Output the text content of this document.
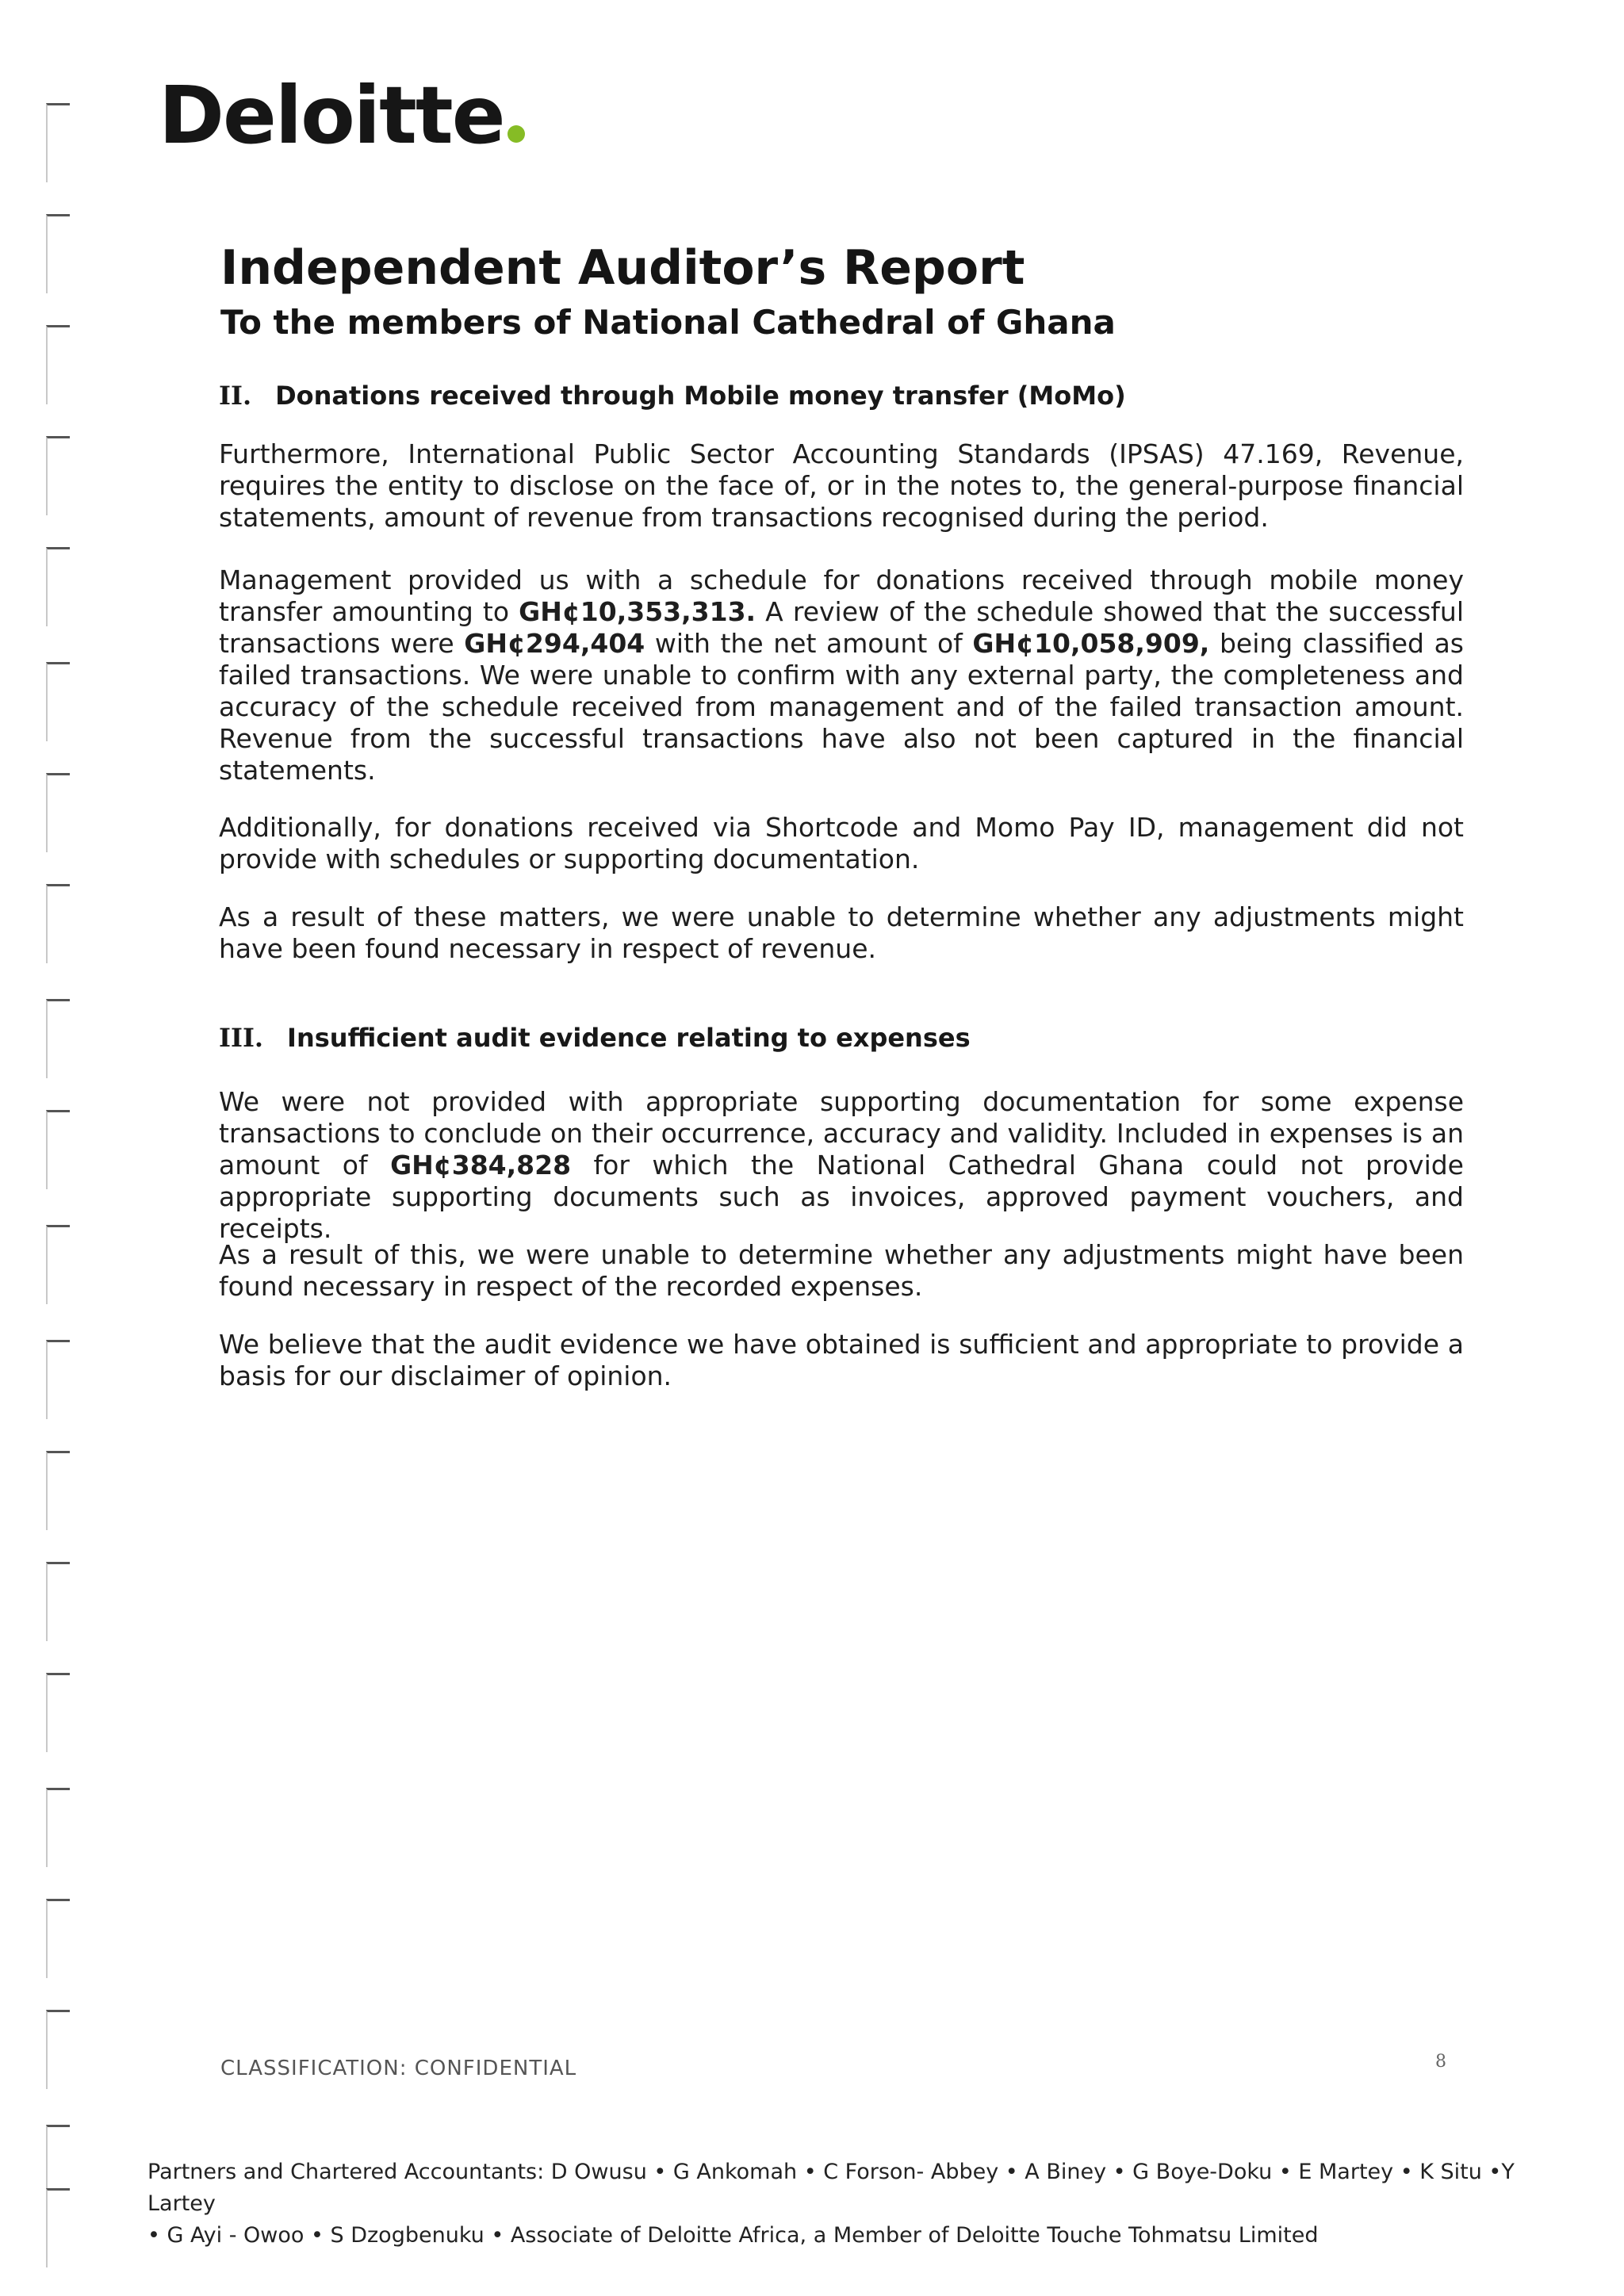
Deloitte
Independent Auditor’s Report
To the members of National Cathedral of Ghana
II. Donations received through Mobile money transfer (MoMo)

Furthermore, International Public Sector Accounting Standards (IPSAS) 47.169, Revenue, requires the entity to disclose on the face of, or in the notes to, the general-purpose financial statements, amount of revenue from transactions recognised during the period.

Management provided us with a schedule for donations received through mobile money transfer amounting to GH¢10,353,313. A review of the schedule showed that the successful transactions were GH¢294,404 with the net amount of GH¢10,058,909, being classified as failed transactions. We were unable to confirm with any external party, the completeness and accuracy of the schedule received from management and of the failed transaction amount. Revenue from the successful transactions have also not been captured in the financial statements.

Additionally, for donations received via Shortcode and Momo Pay ID, management did not provide with schedules or supporting documentation.

As a result of these matters, we were unable to determine whether any adjustments might have been found necessary in respect of revenue.

III. Insufficient audit evidence relating to expenses

We were not provided with appropriate supporting documentation for some expense transactions to conclude on their occurrence, accuracy and validity. Included in expenses is an amount of GH¢384,828 for which the National Cathedral Ghana could not provide appropriate supporting documents such as invoices, approved payment vouchers, and receipts.

As a result of this, we were unable to determine whether any adjustments might have been found necessary in respect of the recorded expenses.

We believe that the audit evidence we have obtained is sufficient and appropriate to provide a basis for our disclaimer of opinion.

CLASSIFICATION: CONFIDENTIAL	8

Partners and Chartered Accountants: D Owusu • G Ankomah • C Forson- Abbey • A Biney • G Boye-Doku • E Martey • K Situ •Y Lartey
• G Ayi - Owoo • S Dzogbenuku • Associate of Deloitte Africa, a Member of Deloitte Touche Tohmatsu Limited
